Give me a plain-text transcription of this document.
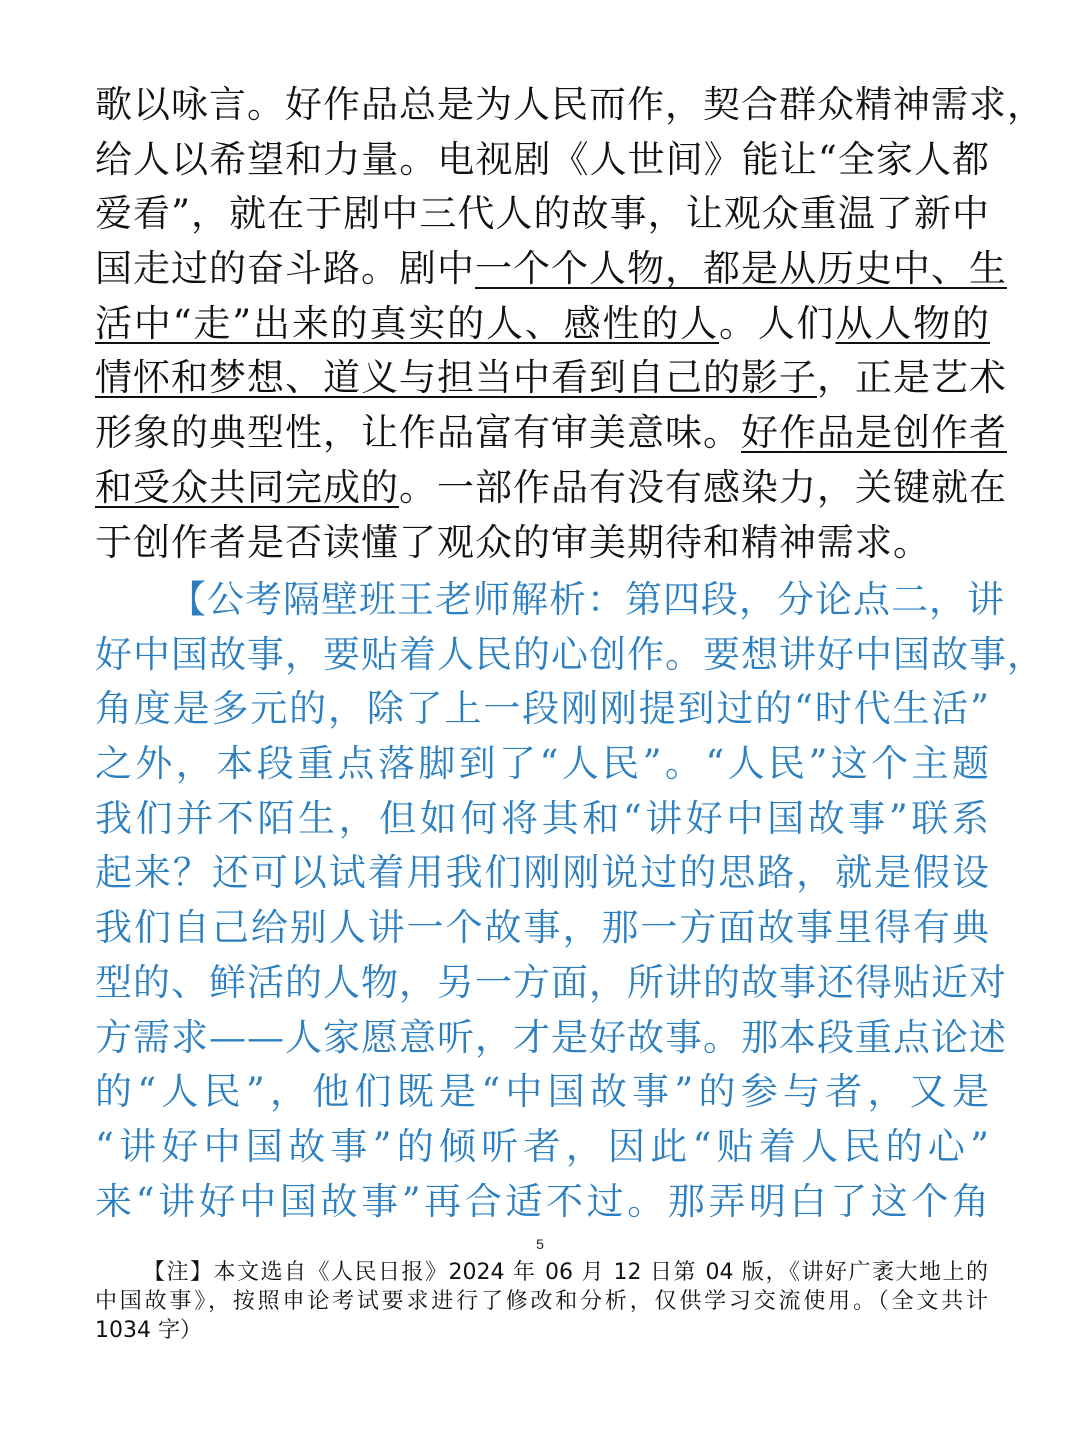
歌以咏言。好作品总是为人民而作，契合群众精神需求，
给人以希望和力量。电视剧《人世间》能让“全家人都
爱看”，就在于剧中三代人的故事，让观众重温了新中
国走过的奋斗路。剧中一个个人物，都是从历史中、生
活中“走”出来的真实的人、感性的人。人们从人物的
情怀和梦想、道义与担当中看到自己的影子，正是艺术
形象的典型性，让作品富有审美意味。好作品是创作者
和受众共同完成的。一部作品有没有感染力，关键就在
于创作者是否读懂了观众的审美期待和精神需求。
【公考隔壁班王老师解析：第四段，分论点二，讲
好中国故事，要贴着人民的心创作。要想讲好中国故事，
角度是多元的，除了上一段刚刚提到过的“时代生活”
之外，本段重点落脚到了“人民”。“人民”这个主题
我们并不陌生，但如何将其和“讲好中国故事”联系
起来？还可以试着用我们刚刚说过的思路，就是假设
我们自己给别人讲一个故事，那一方面故事里得有典
型的、鲜活的人物，另一方面，所讲的故事还得贴近对
方需求——人家愿意听，才是好故事。那本段重点论述
的“人民”，他们既是“中国故事”的参与者，又是
“讲好中国故事”的倾听者，因此“贴着人民的心”
来“讲好中国故事”再合适不过。那弄明白了这个角
5
【注】本文选自《人民日报》2024 年 06 月 12 日第 04 版，《讲好广袤大地上的
中国故事》，按照申论考试要求进行了修改和分析，仅供学习交流使用。（全文共计
1034 字）
